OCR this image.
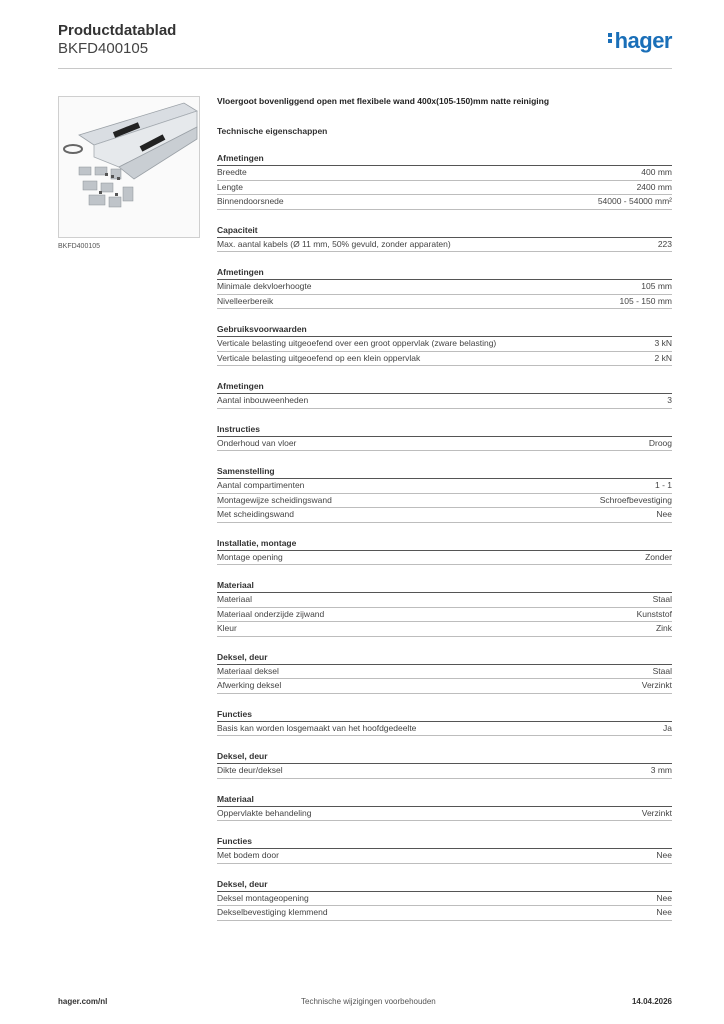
Productdatablad
BKFD400105	hager
BKFD400105
Vloergoot bovenliggend open met flexibele wand 400x(105-150)mm natte reiniging
Technische eigenschappen
Afmetingen
Breedte	400 mm
Lengte	2400 mm
Binnendoorsnede	54000 - 54000 mm²
Capaciteit
Max. aantal kabels (Ø 11 mm, 50% gevuld, zonder apparaten)	223
Afmetingen
Minimale dekvloerhoogte	105 mm
Nivelleerbereik	105 - 150 mm
Gebruiksvoorwaarden
Verticale belasting uitgeoefend over een groot oppervlak (zware belasting)	3 kN
Verticale belasting uitgeoefend op een klein oppervlak	2 kN
Afmetingen
Aantal inbouweenheden	3
Instructies
Onderhoud van vloer	Droog
Samenstelling
Aantal compartimenten	1 - 1
Montagewijze scheidingswand	Schroefbevestiging
Met scheidingswand	Nee
Installatie, montage
Montage opening	Zonder
Materiaal
Materiaal	Staal
Materiaal onderzijde zijwand	Kunststof
Kleur	Zink
Deksel, deur
Materiaal deksel	Staal
Afwerking deksel	Verzinkt
Functies
Basis kan worden losgemaakt van het hoofdgedeelte	Ja
Deksel, deur
Dikte deur/deksel	3 mm
Materiaal
Oppervlakte behandeling	Verzinkt
Functies
Met bodem door	Nee
Deksel, deur
Deksel montageopening	Nee
Dekselbevestiging klemmend	Nee
hager.com/nl	Technische wijzigingen voorbehouden	14.04.2026
